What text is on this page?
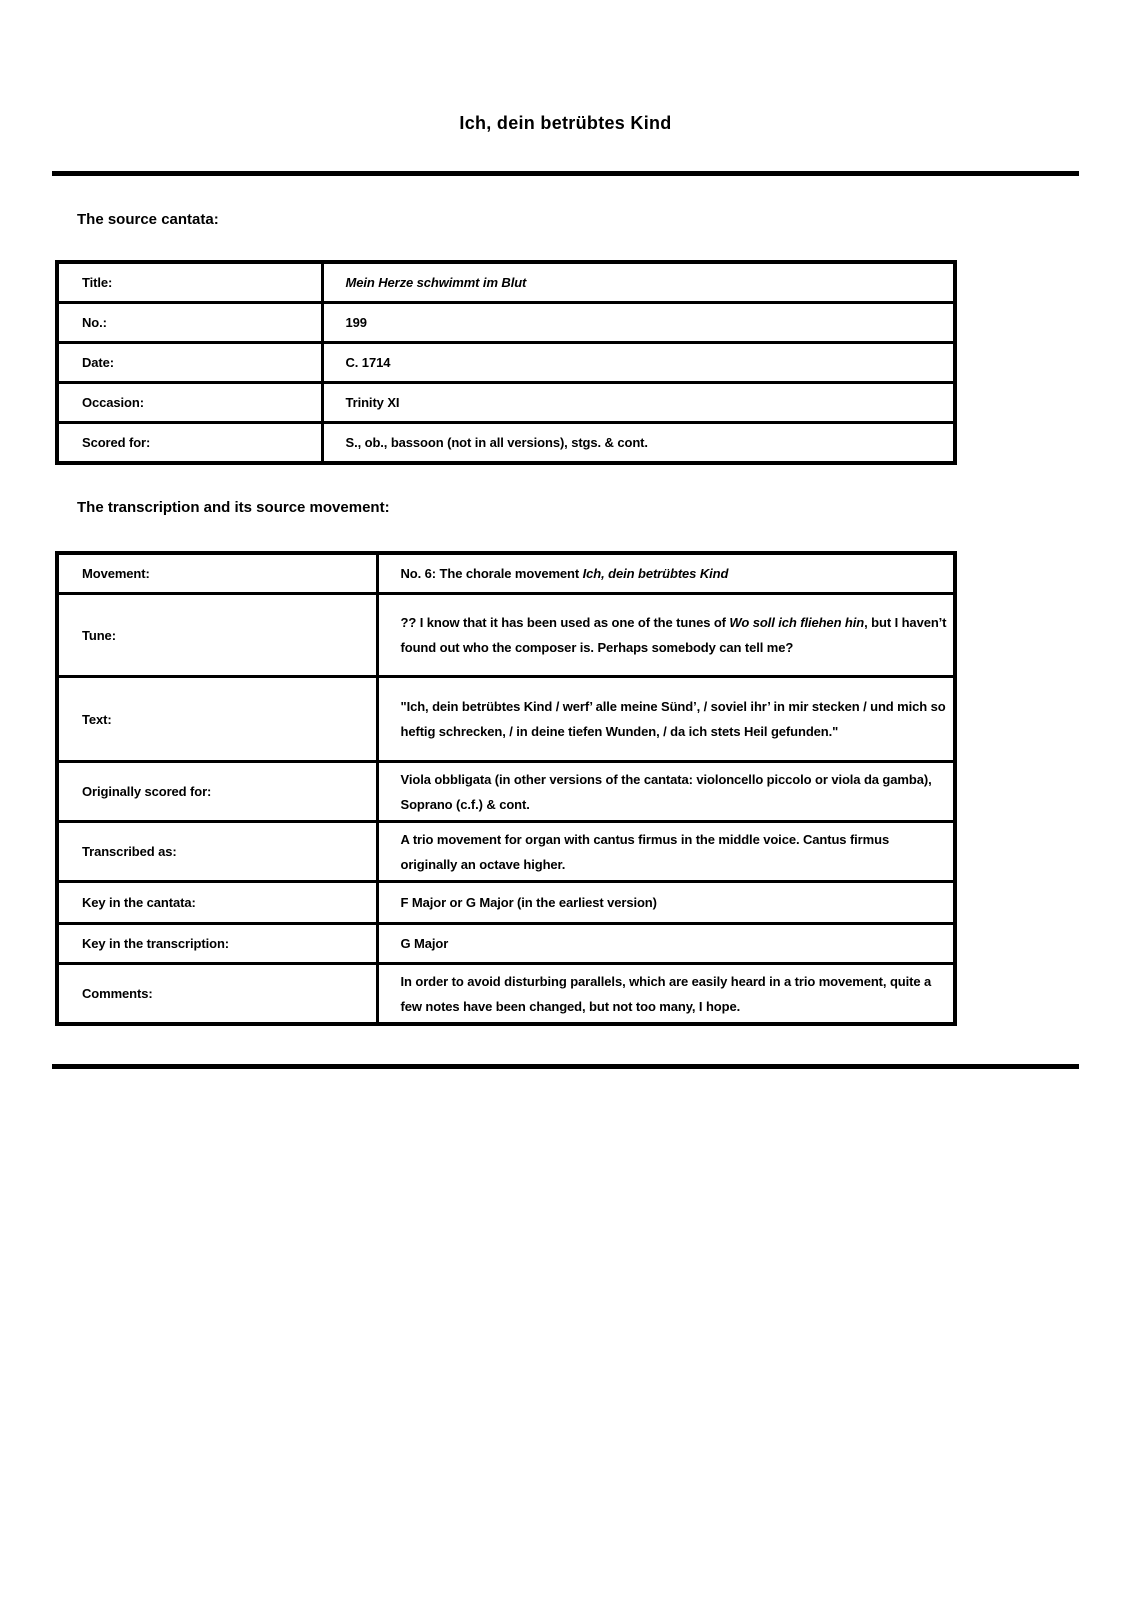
Ich, dein betrübtes Kind
The source cantata:
Title:	Mein Herze schwimmt im Blut
No.:	199
Date:	C. 1714
Occasion:	Trinity XI
Scored for:	S., ob., bassoon (not in all versions), stgs. & cont.
The transcription and its source movement:
Movement:	No. 6: The chorale movement Ich, dein betrübtes Kind
Tune:	?? I know that it has been used as one of the tunes of Wo soll ich fliehen hin, but I haven’t found out who the composer is. Perhaps somebody can tell me?
Text:	"Ich, dein betrübtes Kind / werf’ alle meine Sünd’, / soviel ihr’ in mir stecken / und mich so heftig schrecken, / in deine tiefen Wunden, / da ich stets Heil gefunden."
Originally scored for:	Viola obbligata (in other versions of the cantata: violoncello piccolo or viola da gamba), Soprano (c.f.) & cont.
Transcribed as:	A trio movement for organ with cantus firmus in the middle voice. Cantus firmus originally an octave higher.
Key in the cantata:	F Major or G Major (in the earliest version)
Key in the transcription:	G Major
Comments:	In order to avoid disturbing parallels, which are easily heard in a trio movement, quite a few notes have been changed, but not too many, I hope.
